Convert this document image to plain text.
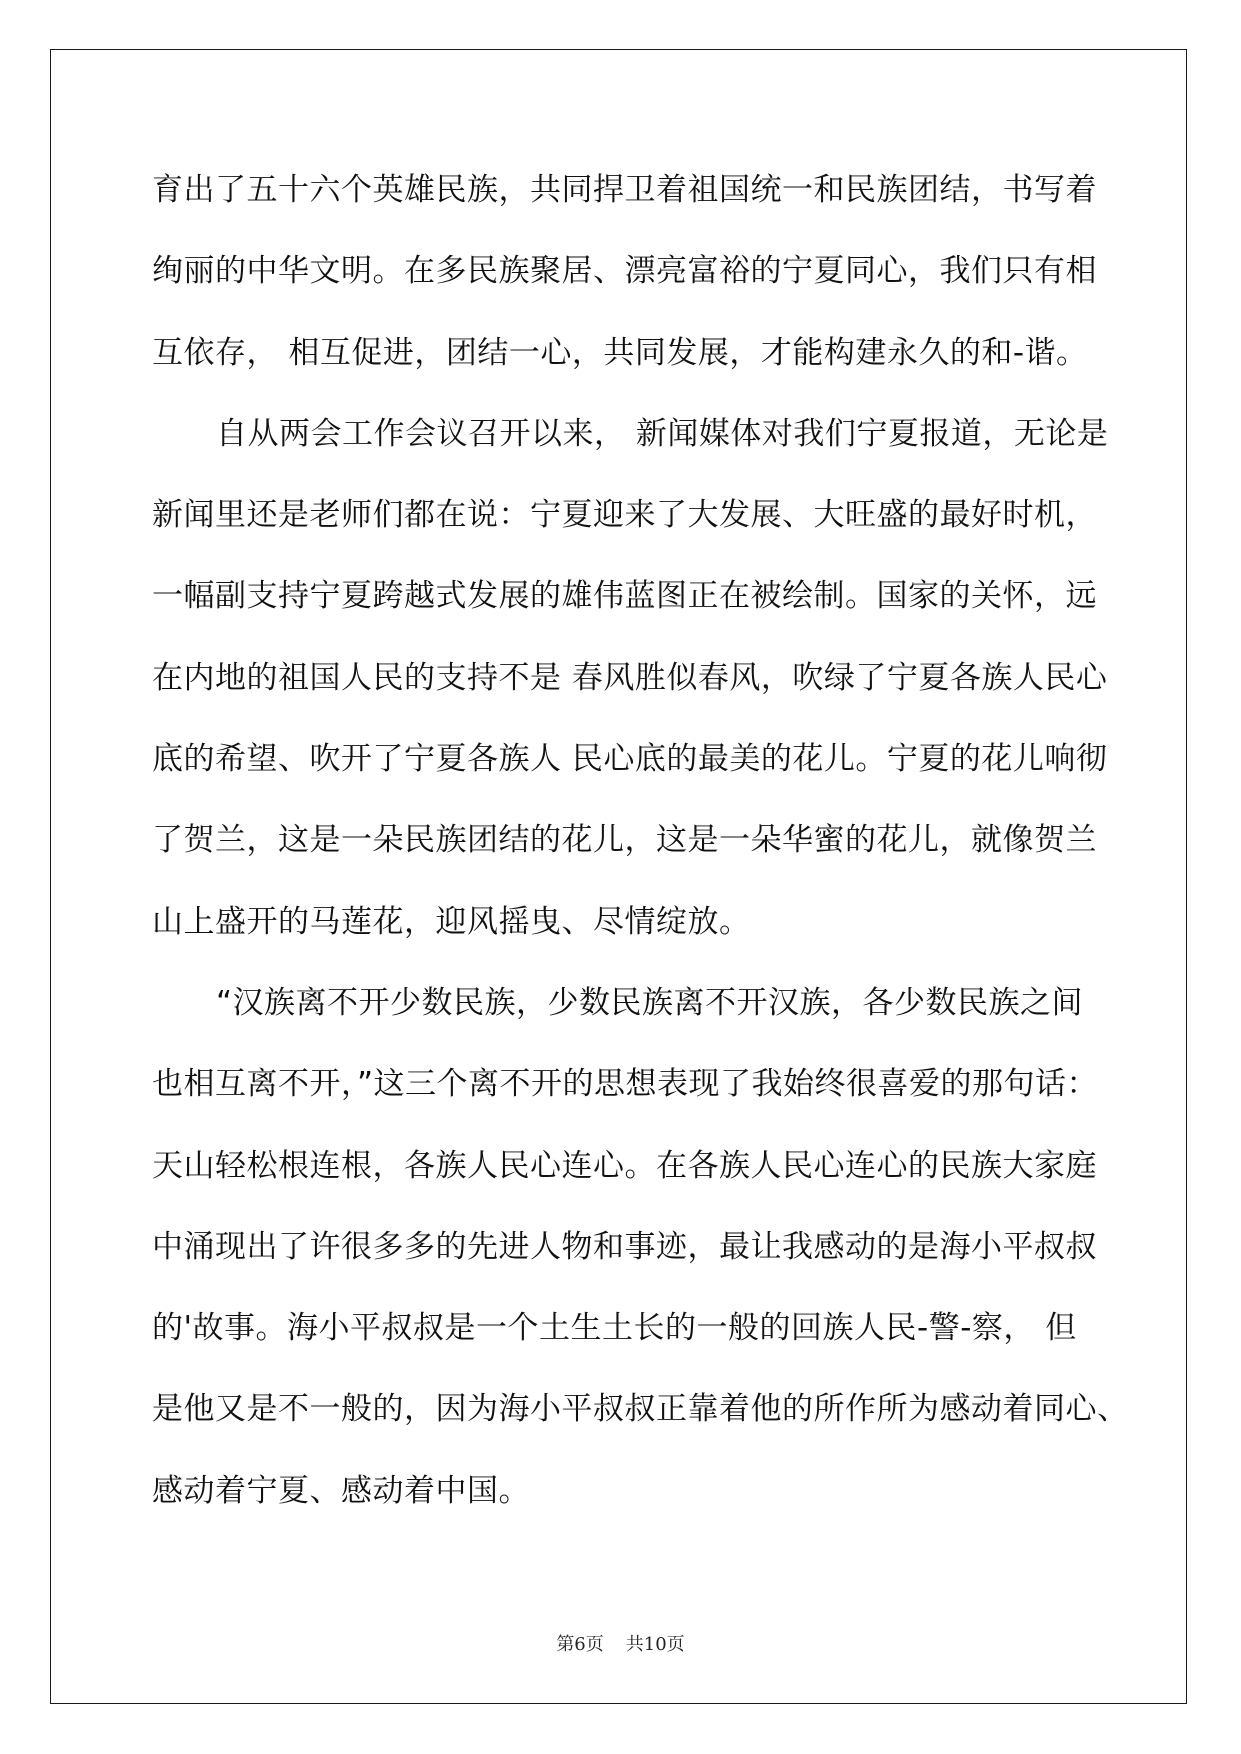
育出了五十六个英雄民族，共同捍卫着祖国统一和民族团结，书写着
绚丽的中华文明。在多民族聚居、漂亮富裕的宁夏同心，我们只有相
互依存， 相互促进，团结一心，共同发展，才能构建永久的和-谐。
自从两会工作会议召开以来， 新闻媒体对我们宁夏报道，无论是
新闻里还是老师们都在说：宁夏迎来了大发展、大旺盛的最好时机，
一幅副支持宁夏跨越式发展的雄伟蓝图正在被绘制。国家的关怀，远
在内地的祖国人民的支持不是 春风胜似春风，吹绿了宁夏各族人民心
底的希望、吹开了宁夏各族人 民心底的最美的花儿。宁夏的花儿响彻
了贺兰，这是一朵民族团结的花儿，这是一朵华蜜的花儿，就像贺兰
山上盛开的马莲花，迎风摇曳、尽情绽放。
“汉族离不开少数民族，少数民族离不开汉族，各少数民族之间
也相互离不开，”这三个离不开的思想表现了我始终很喜爱的那句话：
天山轻松根连根，各族人民心连心。在各族人民心连心的民族大家庭
中涌现出了许很多多的先进人物和事迹，最让我感动的是海小平叔叔
的'故事。海小平叔叔是一个土生土长的一般的回族人民-警-察， 但
是他又是不一般的，因为海小平叔叔正靠着他的所作所为感动着同心、
感动着宁夏、感动着中国。
第6页 共10页
